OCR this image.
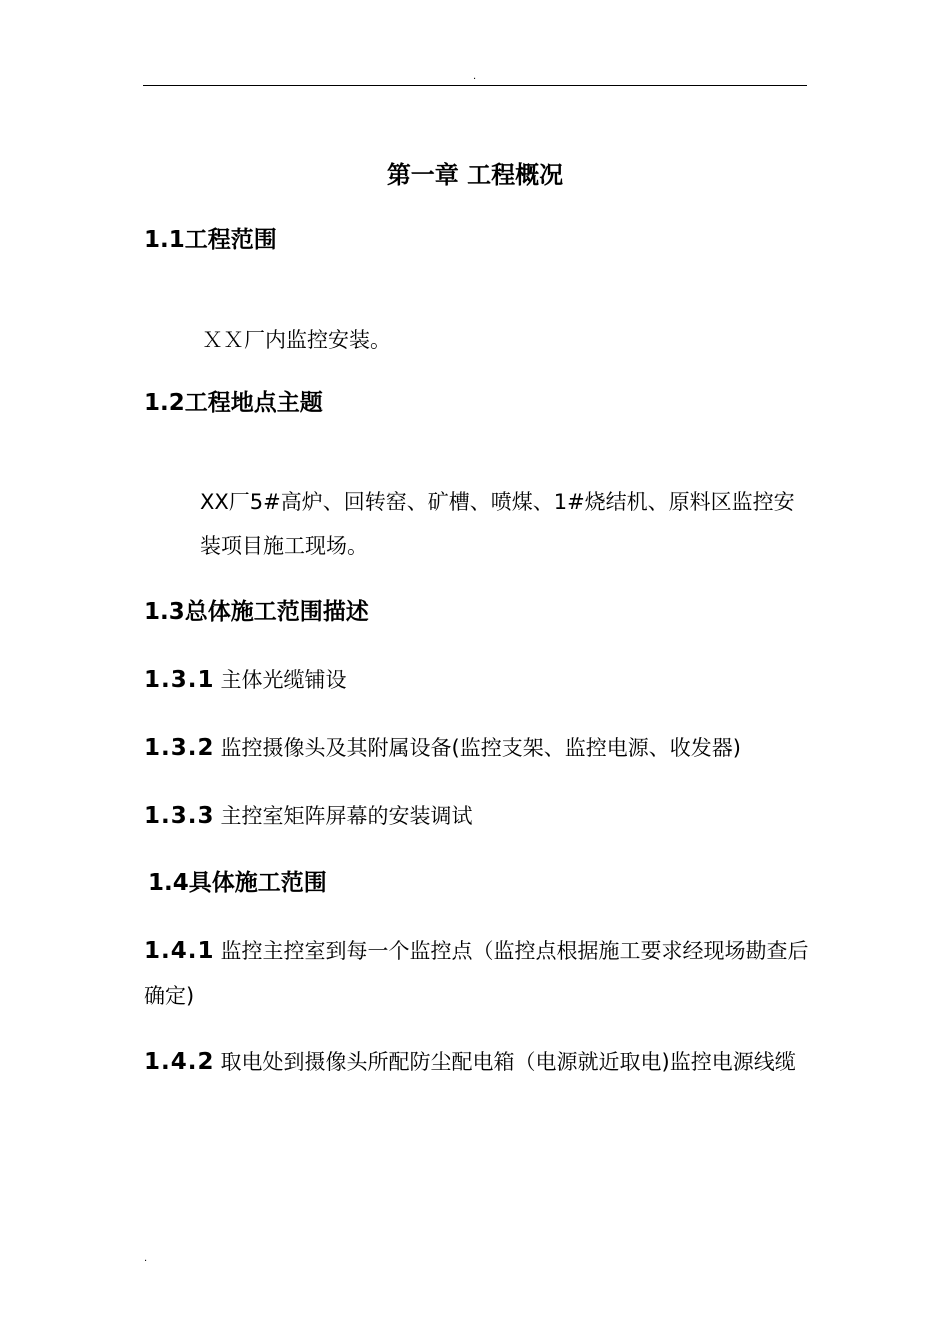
.
第一章 工程概况
1.1工程范围
ＸＸ厂内监控安装。
1.2工程地点主题
XX厂5#高炉、回转窑、矿槽、喷煤、1#烧结机、原料区监控安装项目施工现场。
1.3总体施工范围描述
1.3.1 主体光缆铺设
1.3.2 监控摄像头及其附属设备(监控支架、监控电源、收发器)
1.3.3 主控室矩阵屏幕的安装调试
1.4具体施工范围
1.4.1 监控主控室到每一个监控点（监控点根据施工要求经现场勘查后确定)
1.4.2 取电处到摄像头所配防尘配电箱（电源就近取电)监控电源线缆
.
